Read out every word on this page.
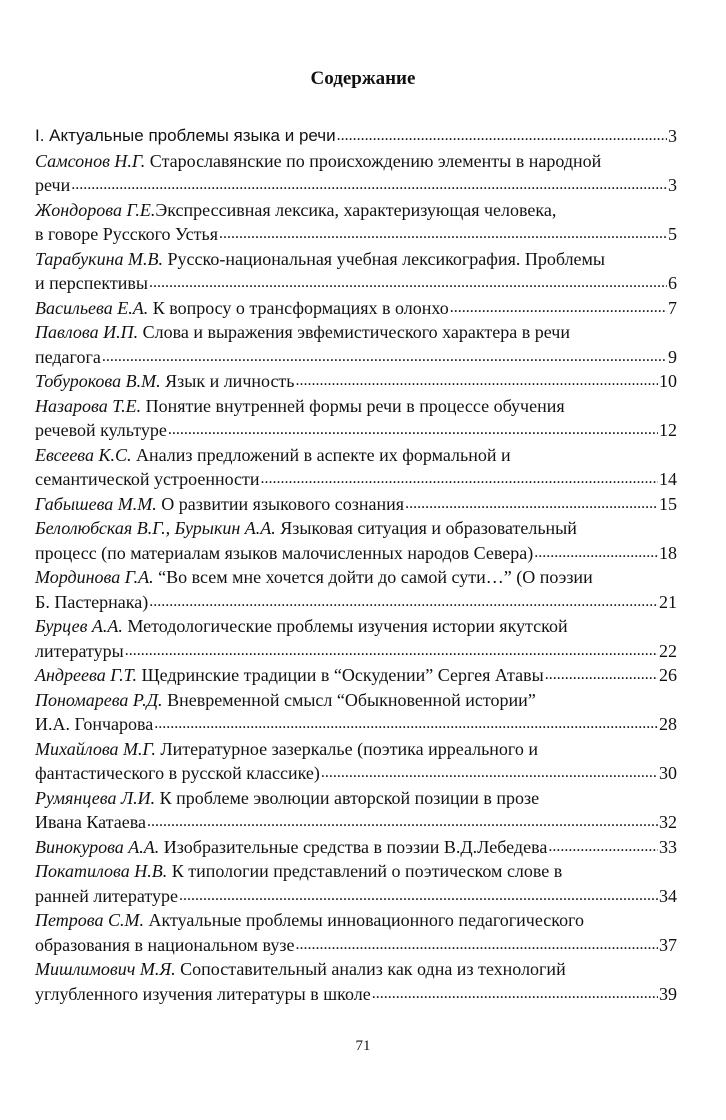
Содержание
I. Актуальные проблемы языка и речи .....	3
Самсонов Н.Г. Старославянские по происхождению элементы в народной
речи .....	3
Жондорова Г.Е.Экспрессивная лексика, характеризующая человека,
в говоре Русского Устья .....	5
Тарабукина М.В. Русско-национальная учебная лексикография. Проблемы
и перспективы .....	6
Васильева Е.А. К вопросу о трансформациях в олонхо .....	7
Павлова И.П. Слова и выражения эвфемистического характера в речи
педагога .....	9
Тобурокова В.М. Язык и личность .....	10
Назарова Т.Е. Понятие внутренней формы речи в процессе обучения
речевой культуре .....	12
Евсеева К.С. Анализ предложений в аспекте их формальной и
семантической устроенности .....	14
Габышева М.М. О развитии языкового сознания .....	15
Белолюбская В.Г., Бурыкин А.А. Языковая ситуация и образовательный
процесс (по материалам языков малочисленных народов Севера) .....	18
Мординова Г.А. “Во всем мне хочется дойти до самой сути…” (О поэзии
Б. Пастернака) .....	21
Бурцев А.А. Методологические проблемы изучения истории якутской
литературы .....	22
Андреева Г.Т. Щедринские традиции в “Оскудении” Сергея Атавы .....	26
Пономарева Р.Д. Вневременной смысл “Обыкновенной истории”
И.А. Гончарова .....	28
Михайлова М.Г. Литературное зазеркалье (поэтика ирреального и
фантастического в русской классике) .....	30
Румянцева Л.И. К проблеме эволюции авторской позиции в прозе
Ивана Катаева .....	32
Винокурова А.А. Изобразительные средства в поэзии В.Д.Лебедева .....	33
Покатилова Н.В. К типологии представлений о поэтическом слове в
ранней литературе .....	34
Петрова С.М. Актуальные проблемы инновационного педагогического
образования в национальном вузе .....	37
Мишлимович М.Я. Сопоставительный анализ как одна из технологий
углубленного изучения литературы в школе .....	39
71
